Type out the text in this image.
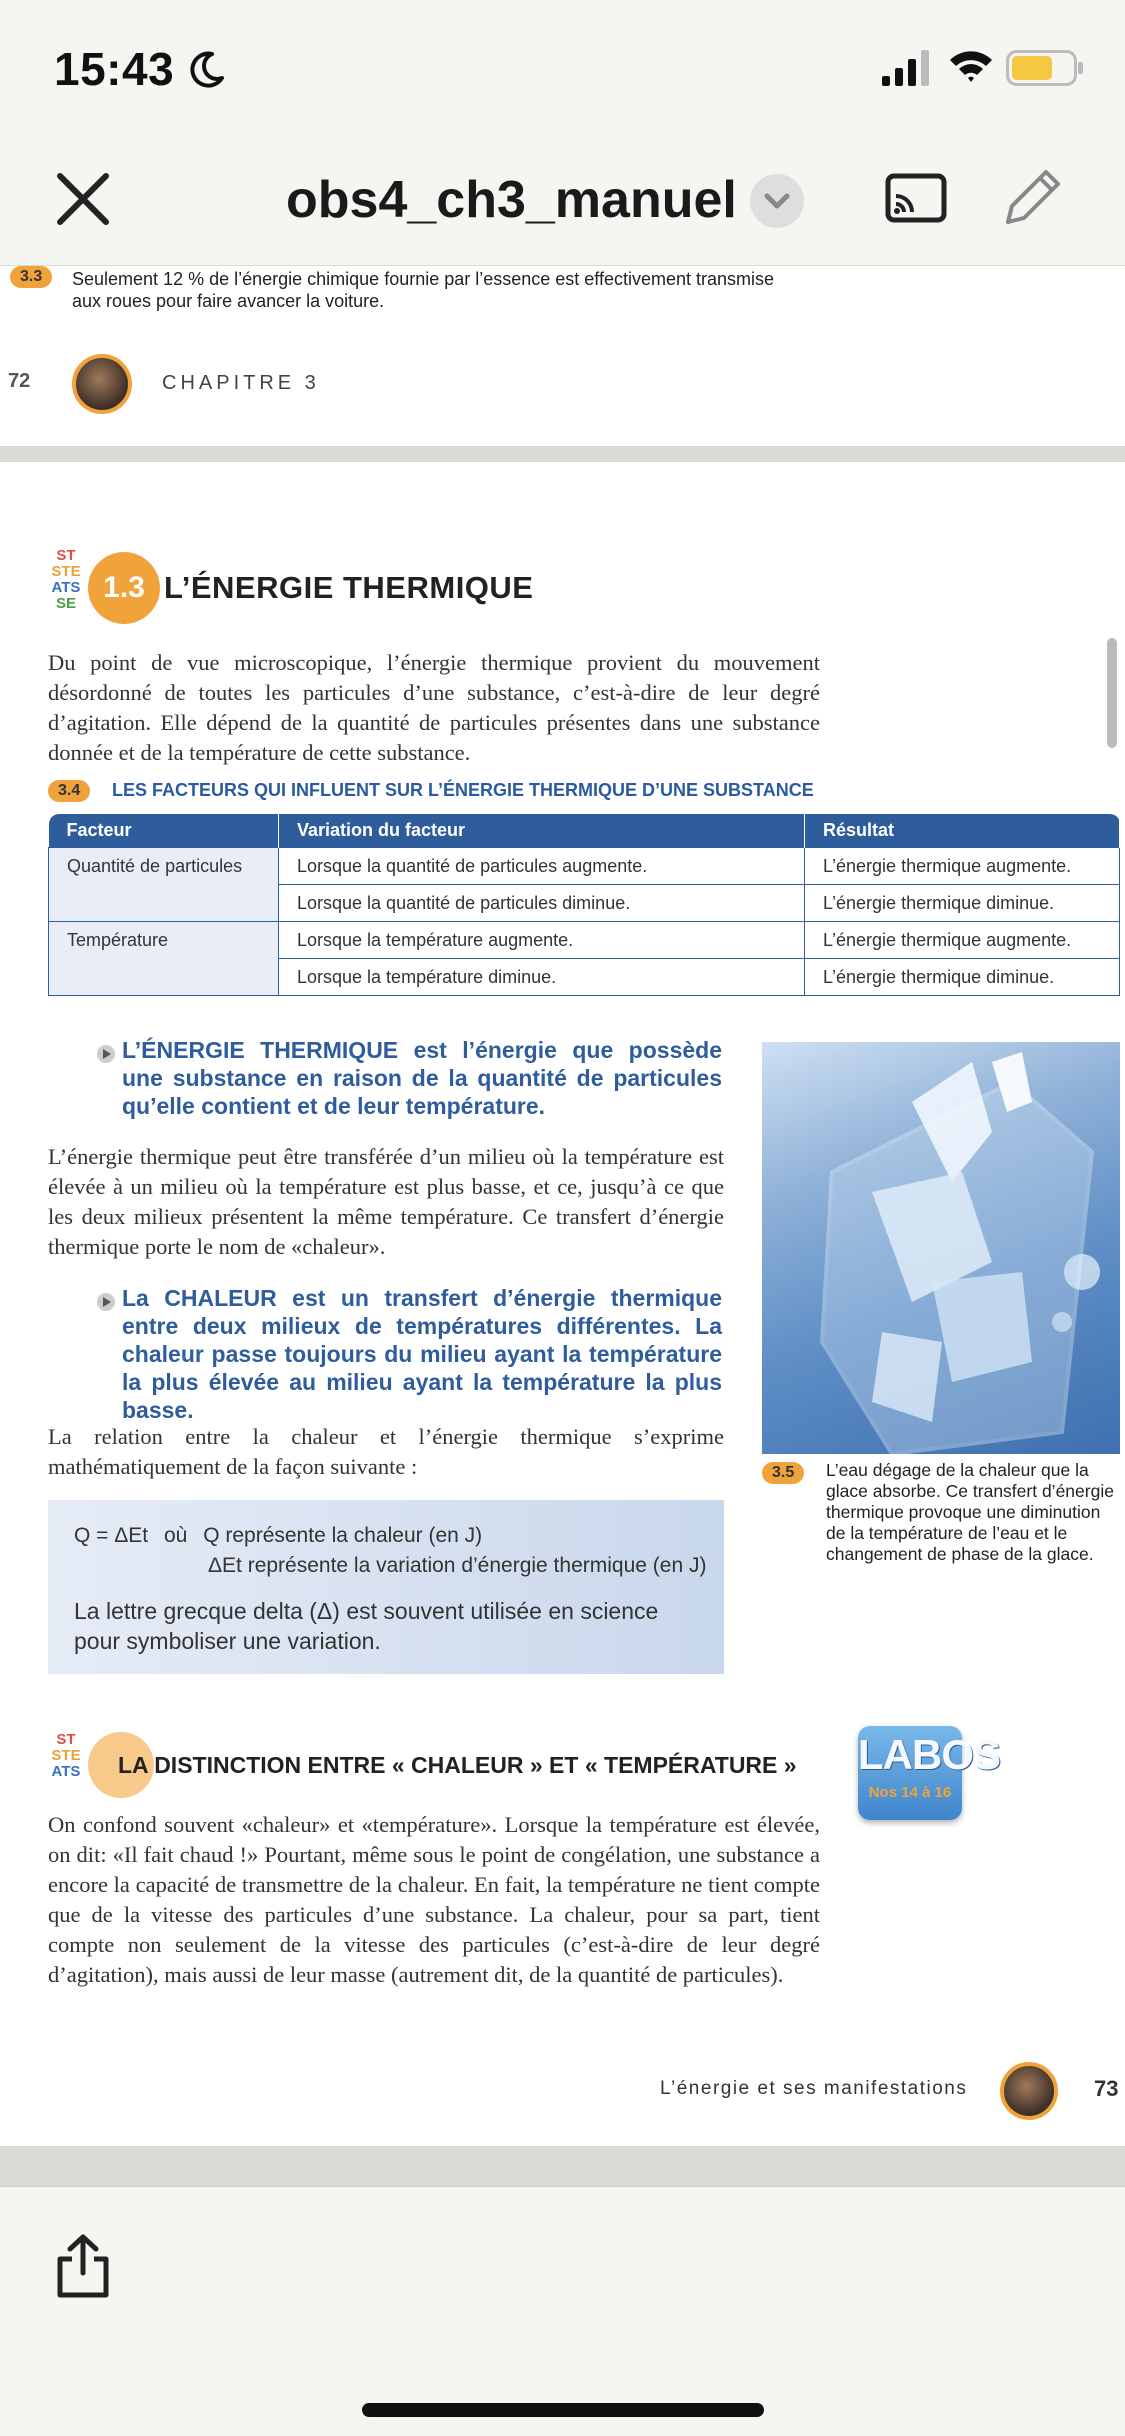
15:43
obs4_ch3_manuel
3.3	Seulement 12 % de l’énergie chimique fournie par l’essence est effectivement transmise aux roues pour faire avancer la voiture.
72	CHAPITRE 3
ST
STE
ATS
SE 1.3 L’ÉNERGIE THERMIQUE
Du point de vue microscopique, l’énergie thermique provient du mouvement désordonné de toutes les particules d’une substance, c’est-à-dire de leur degré d’agitation. Elle dépend de la quantité de particules présentes dans une substance donnée et de la température de cette substance.
3.4	LES FACTEURS QUI INFLUENT SUR L’ÉNERGIE THERMIQUE D’UNE SUBSTANCE
Facteur	Variation du facteur	Résultat
Quantité de particules	Lorsque la quantité de particules augmente.	L’énergie thermique augmente.
	Lorsque la quantité de particules diminue.	L’énergie thermique diminue.
Température	Lorsque la température augmente.	L’énergie thermique augmente.
	Lorsque la température diminue.	L’énergie thermique diminue.
L’ÉNERGIE THERMIQUE est l’énergie que possède une substance en raison de la quantité de particules qu’elle contient et de leur température.
L’énergie thermique peut être transférée d’un milieu où la température est élevée à un milieu où la température est plus basse, et ce, jusqu’à ce que les deux milieux présentent la même température. Ce transfert d’énergie thermique porte le nom de «chaleur».
La CHALEUR est un transfert d’énergie thermique entre deux milieux de températures différentes. La chaleur passe toujours du milieu ayant la température la plus élevée au milieu ayant la température la plus basse.
La relation entre la chaleur et l’énergie thermique s’exprime mathématiquement de la façon suivante :
Q = ΔEt où Q représente la chaleur (en J)
ΔEt représente la variation d’énergie thermique (en J)
La lettre grecque delta (Δ) est souvent utilisée en science pour symboliser une variation.
3.5	L’eau dégage de la chaleur que la glace absorbe. Ce transfert d’énergie thermique provoque une diminution de la température de l’eau et le changement de phase de la glace.
ST
STE
ATS LA DISTINCTION ENTRE « CHALEUR » ET « TEMPÉRATURE » LABOS
Nos 14 à 16
On confond souvent «chaleur» et «température». Lorsque la température est élevée, on dit: «Il fait chaud !» Pourtant, même sous le point de congélation, une substance a encore la capacité de transmettre de la chaleur. En fait, la température ne tient compte que de la vitesse des particules d’une substance. La chaleur, pour sa part, tient compte non seulement de la vitesse des particules (c’est-à-dire de leur degré d’agitation), mais aussi de leur masse (autrement dit, de la quantité de particules).
L’énergie et ses manifestations	73
